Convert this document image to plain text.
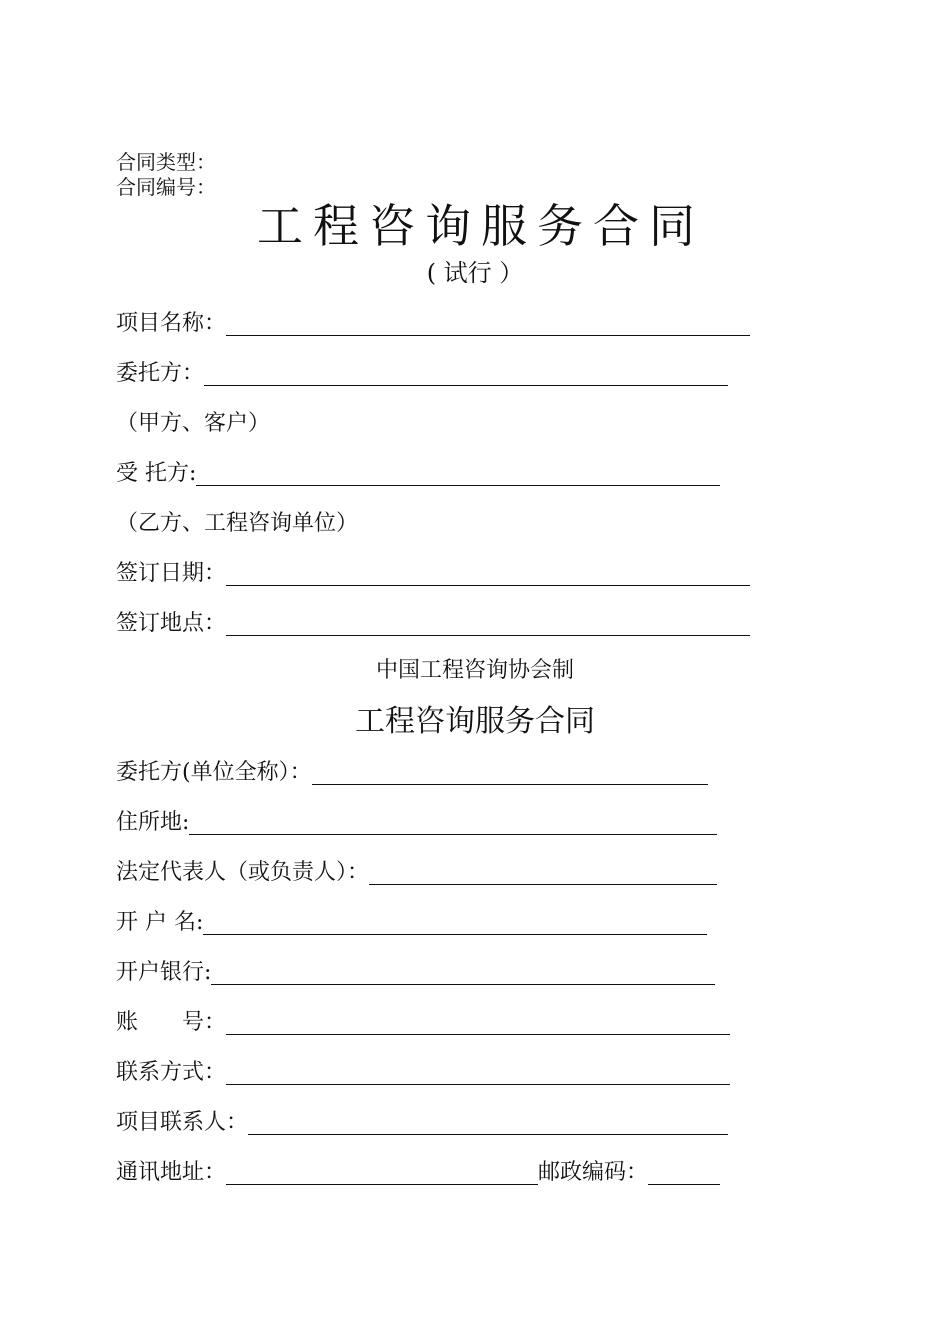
合同类型：
合同编号：
工程咨询服务合同
( 试行 ）
项目名称：
委托方：
（甲方、客户）
受 托方:
（乙方、工程咨询单位）
签订日期：
签订地点：
中国工程咨询协会制
工程咨询服务合同
委托方(单位全称）：
住所地:
法定代表人（或负责人）：
开 户 名:
开户银行:
账　　号：
联系方式：
项目联系人：
通讯地址：	邮政编码：
